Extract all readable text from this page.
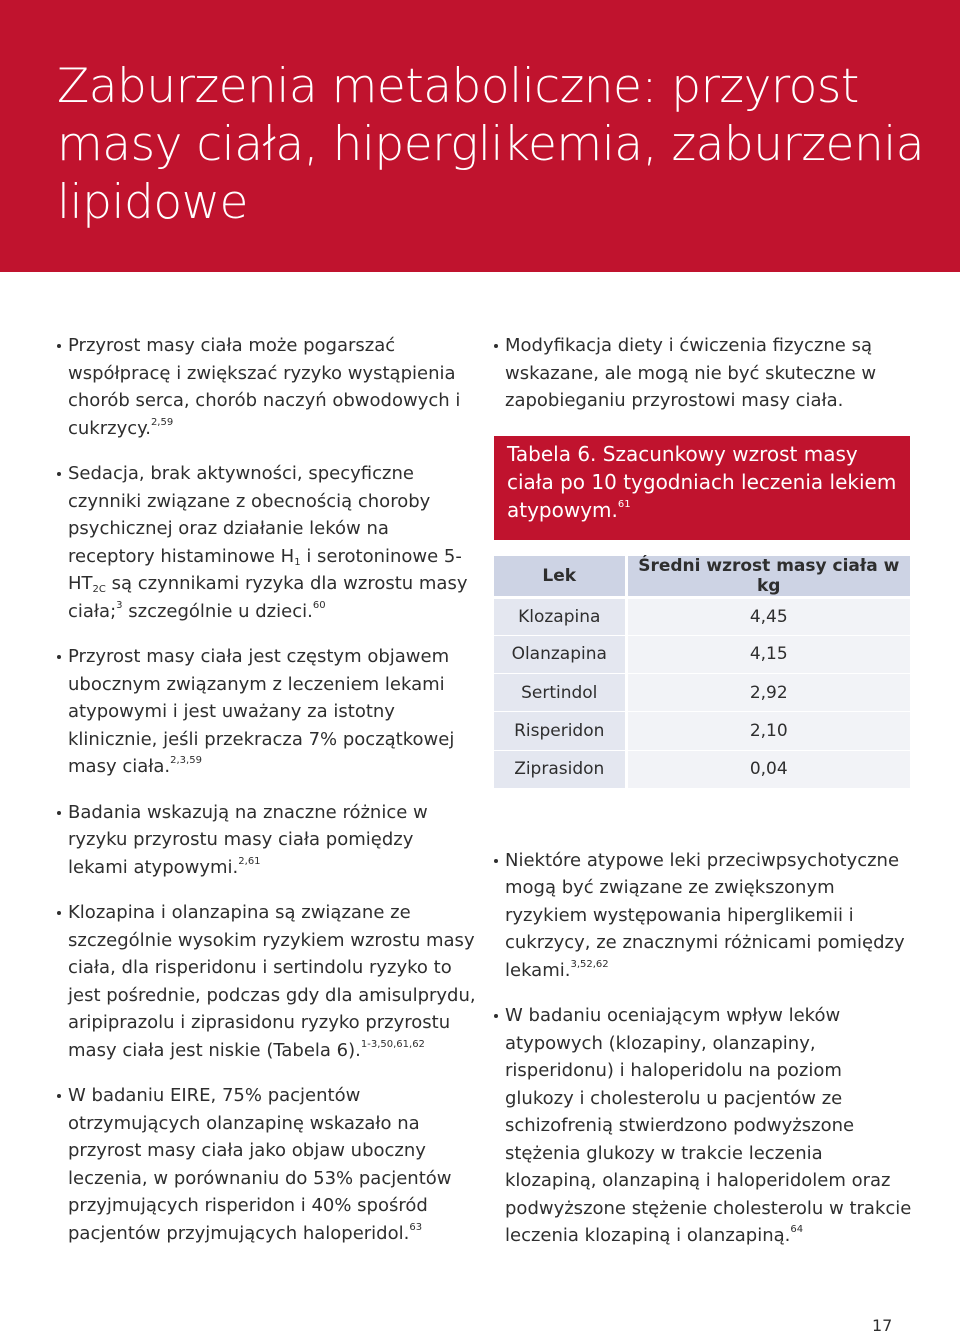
Zaburzenia metaboliczne: przyrost masy ciała, hiperglikemia, zaburzenia lipidowe

Przyrost masy ciała może pogarszać współpracę i zwiększać ryzyko wystąpienia chorób serca, chorób naczyń obwodowych i cukrzycy.$^{2,59}$

Sedacja, brak aktywności, specyficzne czynniki związane z obecnością choroby psychicznej oraz działanie leków na receptory histaminowe $H_1$ i serotoninowe $5-HT_{2C}$ są czynnikami ryzyka dla wzrostu masy ciała;$^3$ szczególnie u dzieci.$^{60}$

Przyrost masy ciała jest częstym objawem ubocznym związanym z leczeniem lekami atypowymi i jest uważany za istotny klinicznie, jeśli przekracza 7% początkowej masy ciała.$^{2,3,59}$

Badania wskazują na znaczne różnice w ryzyku przyrostu masy ciała pomiędzy lekami atypowymi.$^{2,61}$

Klozapina i olanzapina są związane ze szczególnie wysokim ryzykiem wzrostu masy ciała, dla risperidonu i sertindolu ryzyko to jest pośrednie, podczas gdy dla amisulprydu, aripiprazolu i ziprasidonu ryzyko przyrostu masy ciała jest niskie (Tabela 6).$^{1-3,50,61,62}$

W badaniu EIRE, 75% pacjentów otrzymujących olanzapinę wskazało na przyrost masy ciała jako objaw uboczny leczenia, w porównaniu do 53% pacjentów przyjmujących risperidon i 40% spośród pacjentów przyjmujących haloperidol.$^{63}$

Modyfikacja diety i ćwiczenia fizyczne są wskazane, ale mogą nie być skuteczne w zapobieganiu przyrostowi masy ciała.

Tabela 6. Szacunkowy wzrost masy ciała po 10 tygodniach leczenia lekiem atypowym.$^{61}$
Lek	Średni wzrost masy ciała w kg
Klozapina	4,45
Olanzapina	4,15
Sertindol	2,92
Risperidon	2,10
Ziprasidon	0,04

Niektóre atypowe leki przeciwpsychotyczne mogą być związane ze zwiększonym ryzykiem występowania hiperglikemii i cukrzycy, ze znacznymi różnicami pomiędzy lekami.$^{3,52,62}$

W badaniu oceniającym wpływ leków atypowych (klozapiny, olanzapiny, risperidonu) i haloperidolu na poziom glukozy i cholesterolu u pacjentów ze schizofrenią stwierdzono podwyższone stężenia glukozy w trakcie leczenia klozapiną, olanzapiną i haloperidolem oraz podwyższone stężenie cholesterolu w trakcie leczenia klozapiną i olanzapiną.$^{64}$

17
